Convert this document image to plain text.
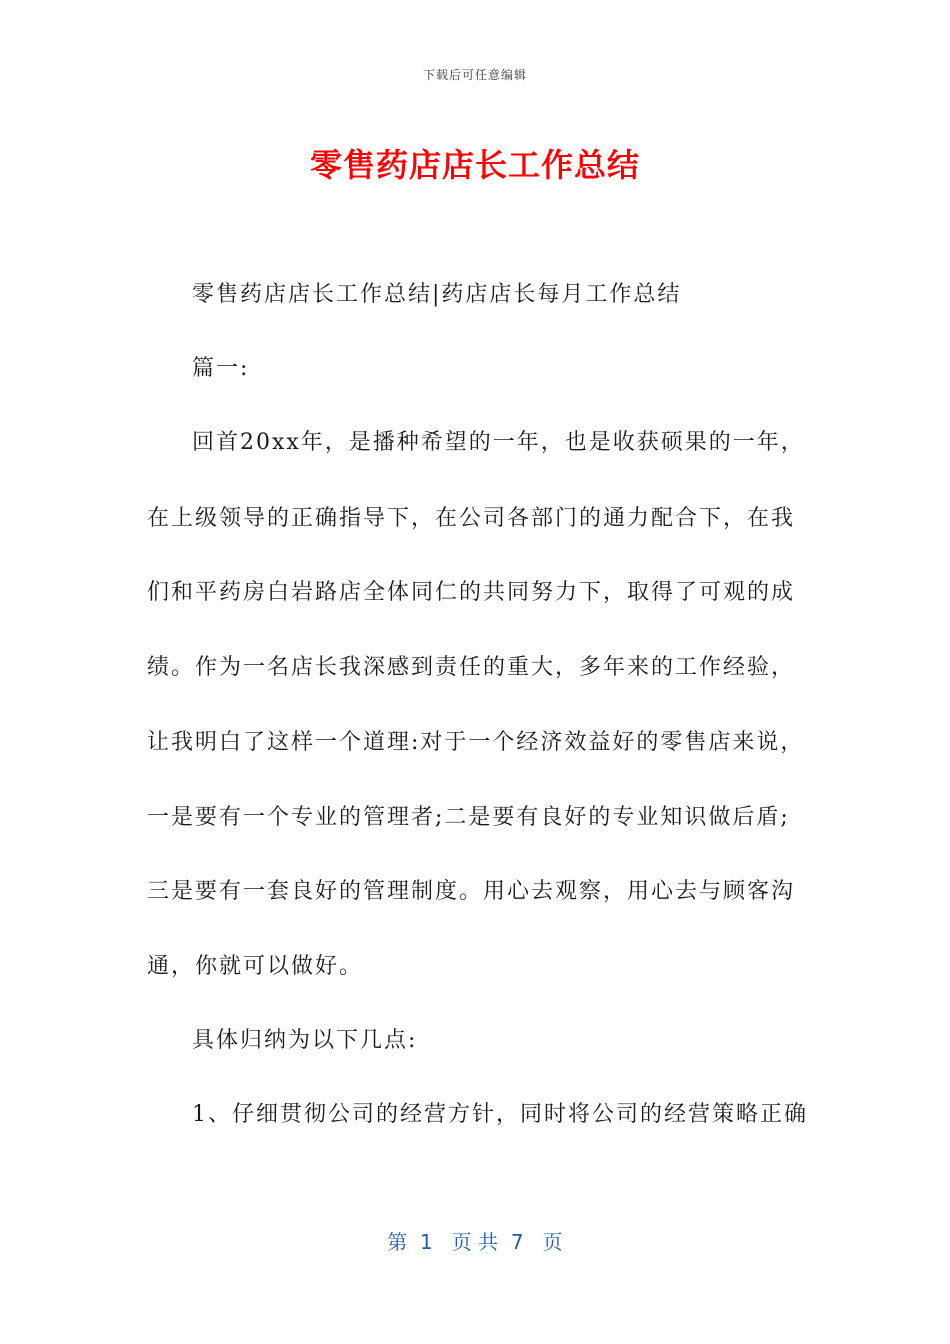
下载后可任意编辑
零售药店店长工作总结
零售药店店长工作总结|药店店长每月工作总结
篇一:
回首20xx年，是播种希望的一年，也是收获硕果的一年，
在上级领导的正确指导下，在公司各部门的通力配合下，在我
们和平药房白岩路店全体同仁的共同努力下，取得了可观的成
绩。作为一名店长我深感到责任的重大，多年来的工作经验，
让我明白了这样一个道理:对于一个经济效益好的零售店来说，
一是要有一个专业的管理者;二是要有良好的专业知识做后盾;
三是要有一套良好的管理制度。用心去观察，用心去与顾客沟
通，你就可以做好。
具体归纳为以下几点:
1、仔细贯彻公司的经营方针，同时将公司的经营策略正确
第  1   页 共  7   页
